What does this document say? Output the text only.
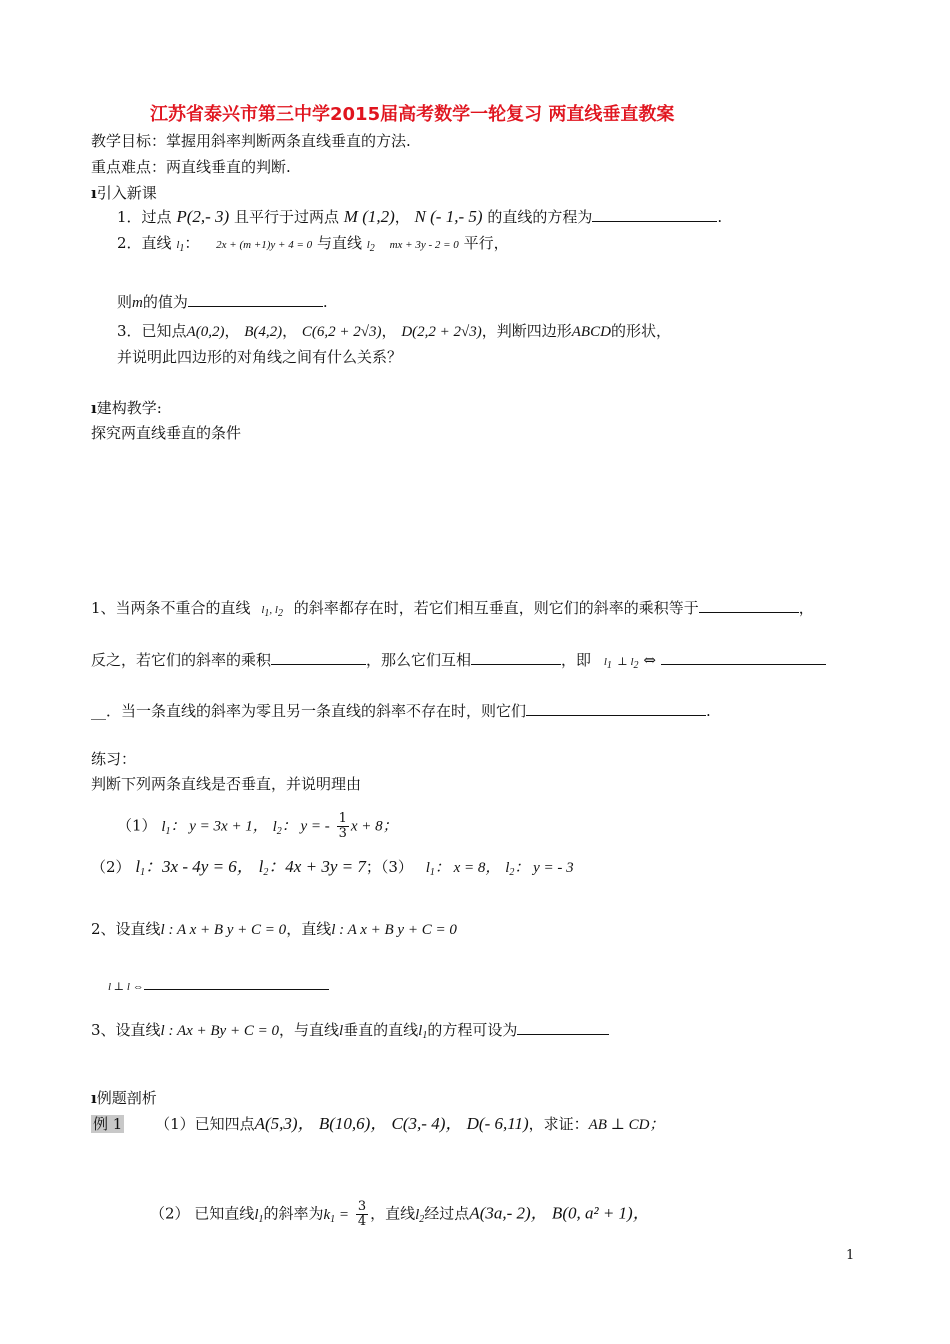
江苏省泰兴市第三中学2015届高考数学一轮复习 两直线垂直教案
教学目标：掌握用斜率判断两条直线垂直的方法.
重点难点：两直线垂直的判断.
ı引入新课
1．过点 P(2,- 3) 且平行于过两点 M (1,2)， N (- 1,- 5) 的直线的方程为	.
2．直线 l1： 2x + (m +1)y + 4 = 0 与直线 l2 mx + 3y - 2 = 0 平行，
则m的值为	.
3．已知点A(0,2)， B(4,2)， C(6,2 + 2√3)， D(2,2 + 2√3)，判断四边形ABCD的形状，
并说明此四边形的对角线之间有什么关系？
ı建构教学:
探究两直线垂直的条件
1、当两条不重合的直线 l1, l2 的斜率都存在时，若它们相互垂直，则它们的斜率的乘积等于	，
反之，若它们的斜率的乘积	，那么它们互相	，即 l1  ⊥ l2 ⇔
__．当一条直线的斜率为零且另一条直线的斜率不存在时，则它们	.
练习：
判断下列两条直线是否垂直，并说明理由
（1） $l_1$： y = 3x + 1， $l_2$： y = - $\frac{1}{3}$ x + 8；
（2） $l_1$：3x - 4y = 6， $l_2$：4x + 3y = 7；（3） $l_1$： x = 8， $l_2$： y = - 3
2、设直线l : A x + B y + C = 0，直线l : A x + B y + C = 0
l ⊥ l ⇔
3、设直线l : Ax + By + C = 0，与直线l垂直的直线$l_1$的方程可设为
ı例题剖析
例 1 （1）已知四点A(5,3)， B(10,6)， C(3,- 4)， D(- 6,11)，求证：AB ⊥ CD；
（2） 已知直线$l_1$的斜率为$k_1 = \frac{3}{4}$ ，直线$l_2$经过点A(3a,- 2)， B(0, a² + 1)，
1
